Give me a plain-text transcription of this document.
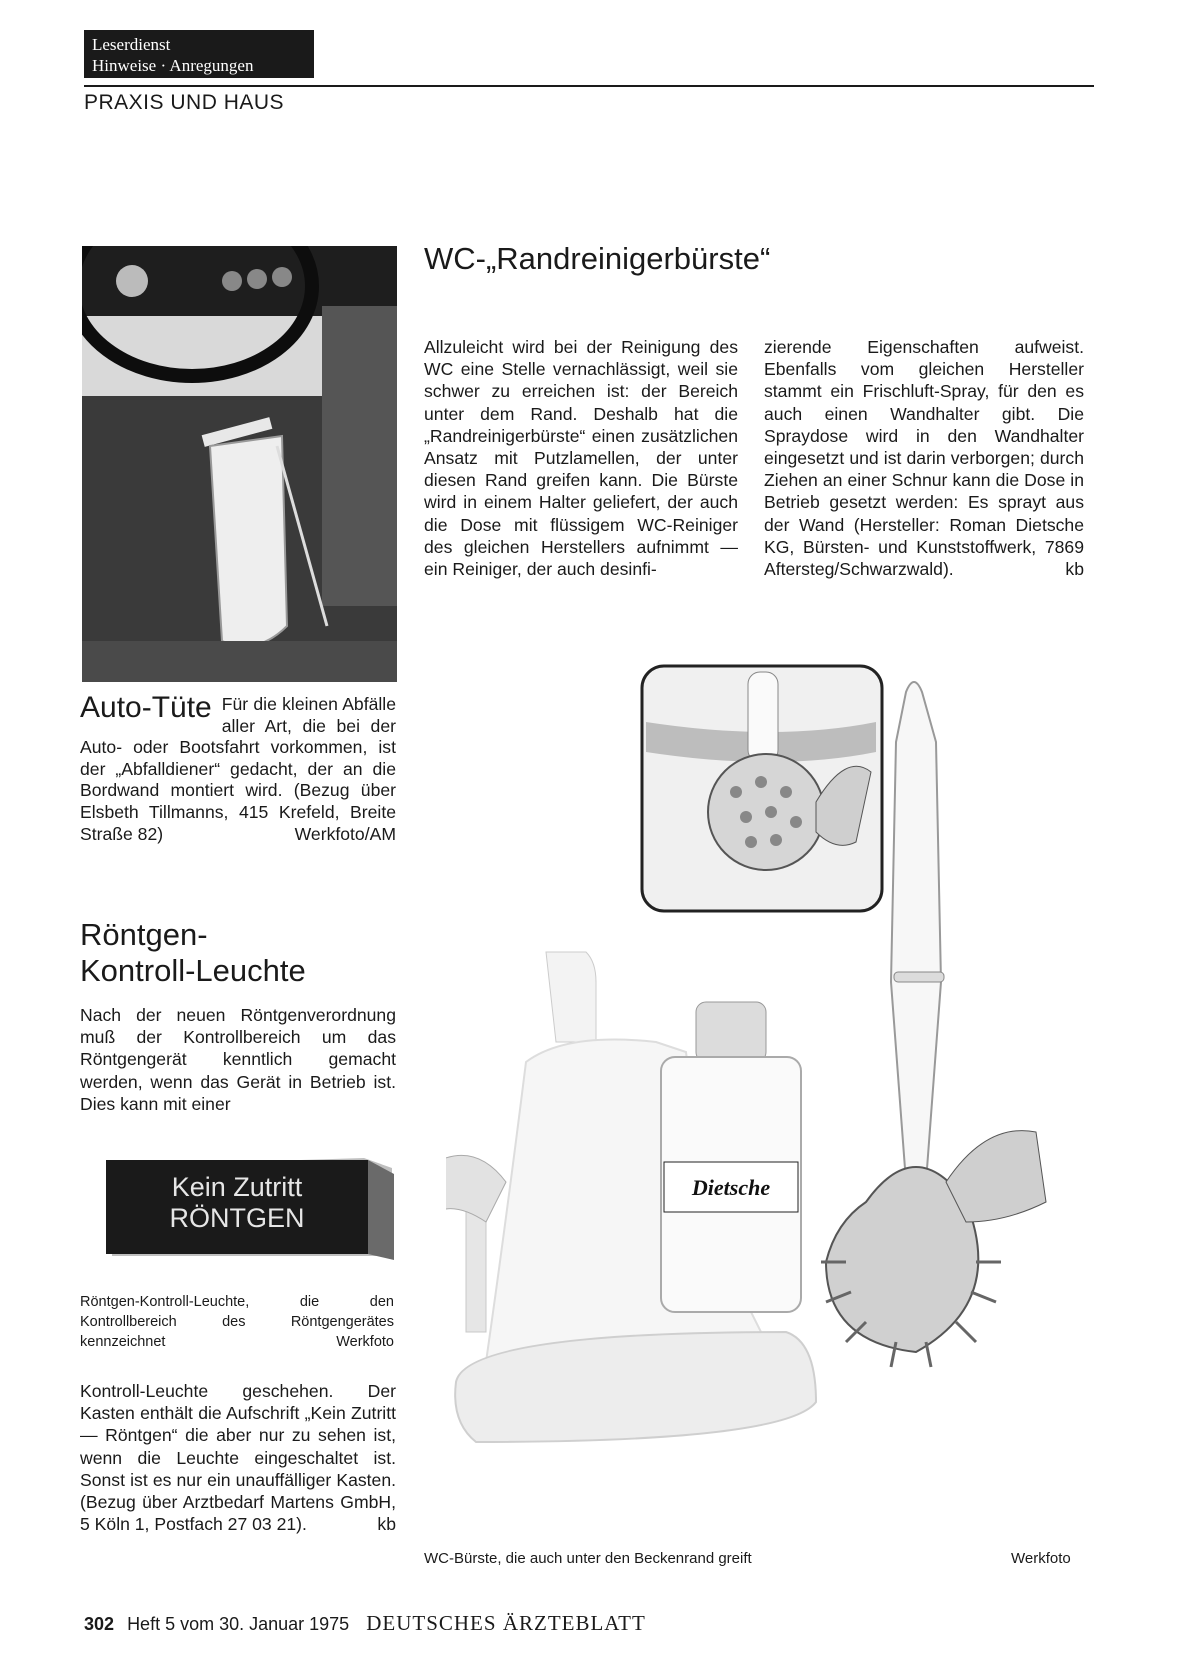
Leserdienst
Hinweise · Anregungen
PRAXIS UND HAUS
WC-„Randreinigerbürste“
Allzuleicht wird bei der Reinigung des WC eine Stelle vernachlässigt, weil sie schwer zu erreichen ist: der Bereich unter dem Rand. Deshalb hat die „Randreinigerbürste“ einen zusätzlichen Ansatz mit Putzlamellen, der unter diesen Rand greifen kann. Die Bürste wird in einem Halter geliefert, der auch die Dose mit flüssigem WC-Reiniger des gleichen Herstellers aufnimmt — ein Reiniger, der auch desinfi-
zierende Eigenschaften aufweist. Ebenfalls vom gleichen Hersteller stammt ein Frischluft-Spray, für den es auch einen Wandhalter gibt. Die Spraydose wird in den Wandhalter eingesetzt und ist darin verborgen; durch Ziehen an einer Schnur kann die Dose in Betrieb gesetzt werden: Es sprayt aus der Wand (Hersteller: Roman Dietsche KG, Bürsten- und Kunststoffwerk, 7869 Aftersteg/Schwarzwald).	kb
Auto-Tüte Für die kleinen Abfälle aller Art, die bei der Auto- oder Bootsfahrt vorkommen, ist der „Abfalldiener“ gedacht, der an die Bordwand montiert wird. (Bezug über Elsbeth Tillmanns, 415 Krefeld, Breite Straße 82)	Werkfoto/AM
Röntgen-
Kontroll-Leuchte
Nach der neuen Röntgenverordnung muß der Kontrollbereich um das Röntgengerät kenntlich gemacht werden, wenn das Gerät in Betrieb ist. Dies kann mit einer
Kein Zutritt
RÖNTGEN
Röntgen-Kontroll-Leuchte, die den Kontrollbereich des Röntgengerätes kennzeichnet	Werkfoto
Kontroll-Leuchte geschehen. Der Kasten enthält die Aufschrift „Kein Zutritt — Röntgen“ die aber nur zu sehen ist, wenn die Leuchte eingeschaltet ist. Sonst ist es nur ein unauffälliger Kasten. (Bezug über Arztbedarf Martens GmbH, 5 Köln 1, Postfach 27 03 21).	kb
Dietsche
WC-Bürste, die auch unter den Beckenrand greift	Werkfoto
302 Heft 5 vom 30. Januar 1975 DEUTSCHES ÄRZTEBLATT
